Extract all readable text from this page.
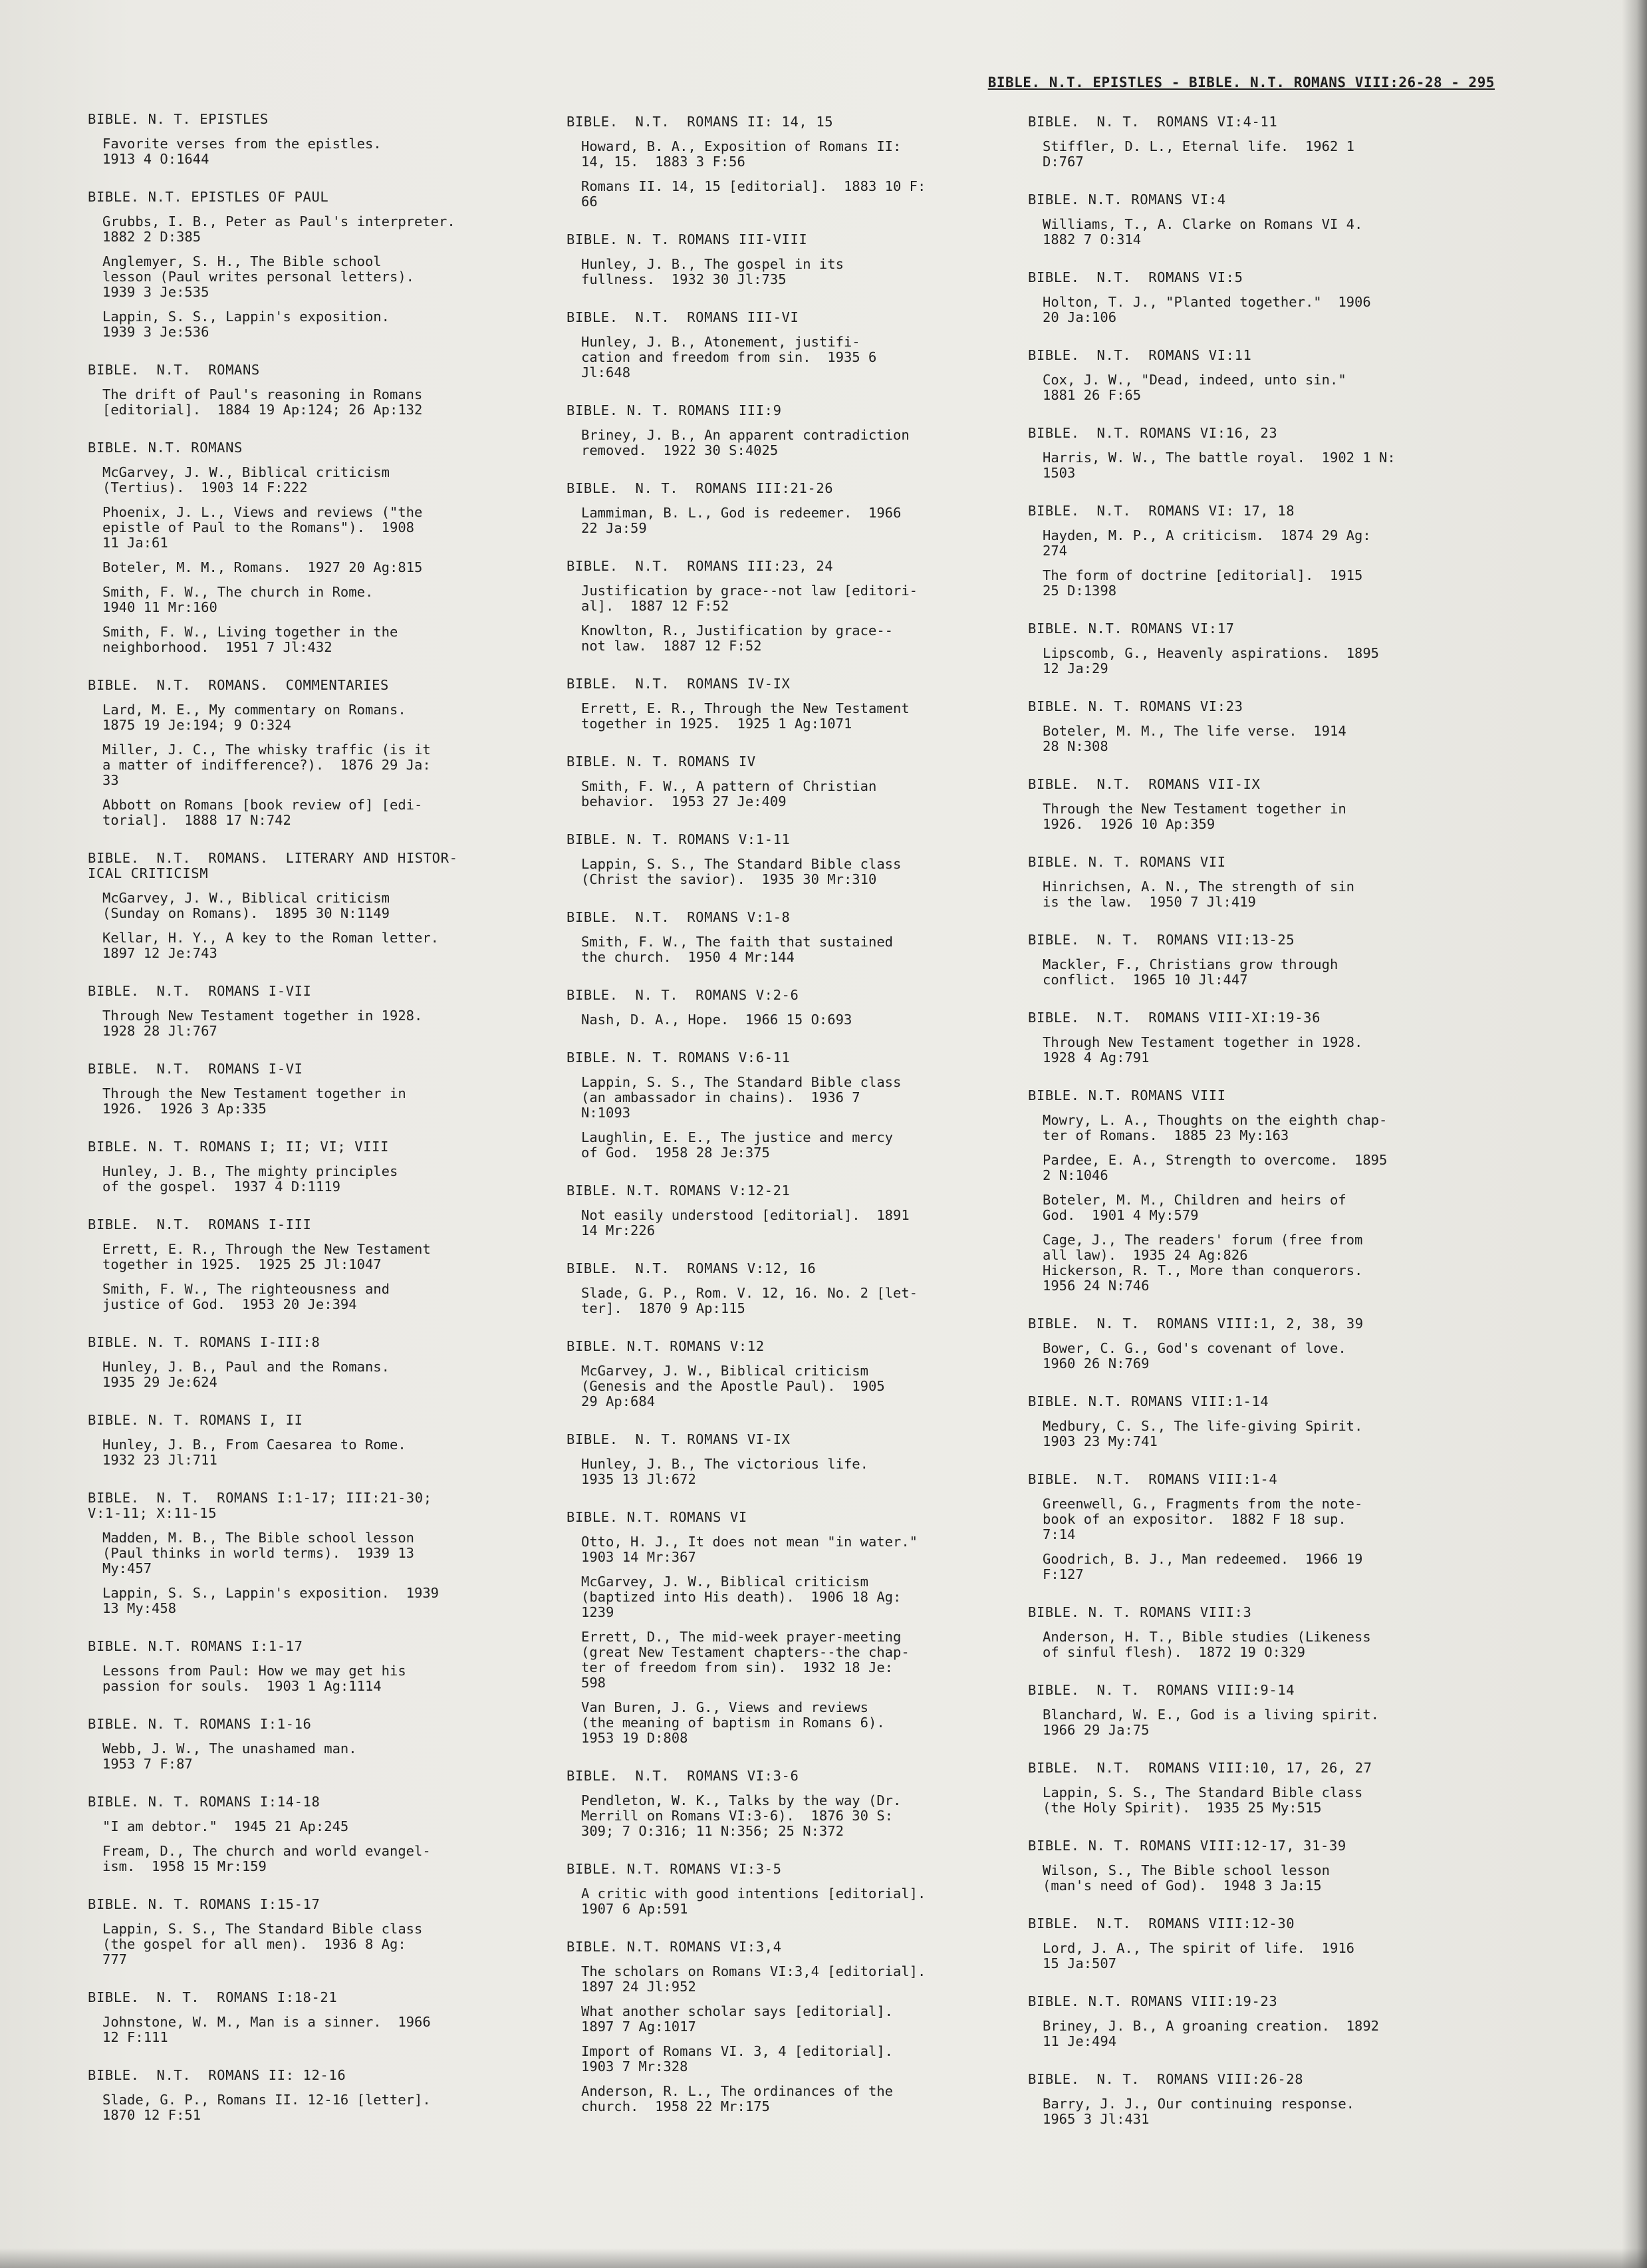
BIBLE. N.T. EPISTLES - BIBLE. N.T. ROMANS VIII:26-28 - 295
BIBLE. N. T. EPISTLES
Favorite verses from the epistles.
1913 4 O:1644
BIBLE. N.T. EPISTLES OF PAUL
Grubbs, I. B., Peter as Paul's interpreter.
1882 2 D:385
Anglemyer, S. H., The Bible school
lesson (Paul writes personal letters).
1939 3 Je:535
Lappin, S. S., Lappin's exposition.
1939 3 Je:536
BIBLE.  N.T.  ROMANS
The drift of Paul's reasoning in Romans
[editorial].  1884 19 Ap:124; 26 Ap:132
BIBLE. N.T. ROMANS
McGarvey, J. W., Biblical criticism
(Tertius).  1903 14 F:222
Phoenix, J. L., Views and reviews ("the
epistle of Paul to the Romans").  1908
11 Ja:61
Boteler, M. M., Romans.  1927 20 Ag:815
Smith, F. W., The church in Rome.
1940 11 Mr:160
Smith, F. W., Living together in the
neighborhood.  1951 7 Jl:432
BIBLE.  N.T.  ROMANS.  COMMENTARIES
Lard, M. E., My commentary on Romans.
1875 19 Je:194; 9 O:324
Miller, J. C., The whisky traffic (is it
a matter of indifference?).  1876 29 Ja:
33
Abbott on Romans [book review of] [edi-
torial].  1888 17 N:742
BIBLE.  N.T.  ROMANS.  LITERARY AND HISTOR-
ICAL CRITICISM
McGarvey, J. W., Biblical criticism
(Sunday on Romans).  1895 30 N:1149
Kellar, H. Y., A key to the Roman letter.
1897 12 Je:743
BIBLE.  N.T.  ROMANS I-VII
Through New Testament together in 1928.
1928 28 Jl:767
BIBLE.  N.T.  ROMANS I-VI
Through the New Testament together in
1926.  1926 3 Ap:335
BIBLE. N. T. ROMANS I; II; VI; VIII
Hunley, J. B., The mighty principles
of the gospel.  1937 4 D:1119
BIBLE.  N.T.  ROMANS I-III
Errett, E. R., Through the New Testament
together in 1925.  1925 25 Jl:1047
Smith, F. W., The righteousness and
justice of God.  1953 20 Je:394
BIBLE. N. T. ROMANS I-III:8
Hunley, J. B., Paul and the Romans.
1935 29 Je:624
BIBLE. N. T. ROMANS I, II
Hunley, J. B., From Caesarea to Rome.
1932 23 Jl:711
BIBLE.  N. T.  ROMANS I:1-17; III:21-30;
V:1-11; X:11-15
Madden, M. B., The Bible school lesson
(Paul thinks in world terms).  1939 13
My:457
Lappin, S. S., Lappin's exposition.  1939
13 My:458
BIBLE. N.T. ROMANS I:1-17
Lessons from Paul: How we may get his
passion for souls.  1903 1 Ag:1114
BIBLE. N. T. ROMANS I:1-16
Webb, J. W., The unashamed man.
1953 7 F:87
BIBLE. N. T. ROMANS I:14-18
"I am debtor."  1945 21 Ap:245
Fream, D., The church and world evangel-
ism.  1958 15 Mr:159
BIBLE. N. T. ROMANS I:15-17
Lappin, S. S., The Standard Bible class
(the gospel for all men).  1936 8 Ag:
777
BIBLE.  N. T.  ROMANS I:18-21
Johnstone, W. M., Man is a sinner.  1966
12 F:111
BIBLE.  N.T.  ROMANS II: 12-16
Slade, G. P., Romans II. 12-16 [letter].
1870 12 F:51
BIBLE.  N.T.  ROMANS II: 14, 15
Howard, B. A., Exposition of Romans II:
14, 15.  1883 3 F:56
Romans II. 14, 15 [editorial].  1883 10 F:
66
BIBLE. N. T. ROMANS III-VIII
Hunley, J. B., The gospel in its
fullness.  1932 30 Jl:735
BIBLE.  N.T.  ROMANS III-VI
Hunley, J. B., Atonement, justifi-
cation and freedom from sin.  1935 6
Jl:648
BIBLE. N. T. ROMANS III:9
Briney, J. B., An apparent contradiction
removed.  1922 30 S:4025
BIBLE.  N. T.  ROMANS III:21-26
Lammiman, B. L., God is redeemer.  1966
22 Ja:59
BIBLE.  N.T.  ROMANS III:23, 24
Justification by grace--not law [editori-
al].  1887 12 F:52
Knowlton, R., Justification by grace--
not law.  1887 12 F:52
BIBLE.  N.T.  ROMANS IV-IX
Errett, E. R., Through the New Testament
together in 1925.  1925 1 Ag:1071
BIBLE. N. T. ROMANS IV
Smith, F. W., A pattern of Christian
behavior.  1953 27 Je:409
BIBLE. N. T. ROMANS V:1-11
Lappin, S. S., The Standard Bible class
(Christ the savior).  1935 30 Mr:310
BIBLE.  N.T.  ROMANS V:1-8
Smith, F. W., The faith that sustained
the church.  1950 4 Mr:144
BIBLE.  N. T.  ROMANS V:2-6
Nash, D. A., Hope.  1966 15 O:693
BIBLE. N. T. ROMANS V:6-11
Lappin, S. S., The Standard Bible class
(an ambassador in chains).  1936 7
N:1093
Laughlin, E. E., The justice and mercy
of God.  1958 28 Je:375
BIBLE. N.T. ROMANS V:12-21
Not easily understood [editorial].  1891
14 Mr:226
BIBLE.  N.T.  ROMANS V:12, 16
Slade, G. P., Rom. V. 12, 16. No. 2 [let-
ter].  1870 9 Ap:115
BIBLE. N.T. ROMANS V:12
McGarvey, J. W., Biblical criticism
(Genesis and the Apostle Paul).  1905
29 Ap:684
BIBLE.  N. T. ROMANS VI-IX
Hunley, J. B., The victorious life.
1935 13 Jl:672
BIBLE. N.T. ROMANS VI
Otto, H. J., It does not mean "in water."
1903 14 Mr:367
McGarvey, J. W., Biblical criticism
(baptized into His death).  1906 18 Ag:
1239
Errett, D., The mid-week prayer-meeting
(great New Testament chapters--the chap-
ter of freedom from sin).  1932 18 Je:
598
Van Buren, J. G., Views and reviews
(the meaning of baptism in Romans 6).
1953 19 D:808
BIBLE.  N.T.  ROMANS VI:3-6
Pendleton, W. K., Talks by the way (Dr.
Merrill on Romans VI:3-6).  1876 30 S:
309; 7 O:316; 11 N:356; 25 N:372
BIBLE. N.T. ROMANS VI:3-5
A critic with good intentions [editorial].
1907 6 Ap:591
BIBLE. N.T. ROMANS VI:3,4
The scholars on Romans VI:3,4 [editorial].
1897 24 Jl:952
What another scholar says [editorial].
1897 7 Ag:1017
Import of Romans VI. 3, 4 [editorial].
1903 7 Mr:328
Anderson, R. L., The ordinances of the
church.  1958 22 Mr:175
BIBLE.  N. T.  ROMANS VI:4-11
Stiffler, D. L., Eternal life.  1962 1
D:767
BIBLE. N.T. ROMANS VI:4
Williams, T., A. Clarke on Romans VI 4.
1882 7 O:314
BIBLE.  N.T.  ROMANS VI:5
Holton, T. J., "Planted together."  1906
20 Ja:106
BIBLE.  N.T.  ROMANS VI:11
Cox, J. W., "Dead, indeed, unto sin."
1881 26 F:65
BIBLE.  N.T. ROMANS VI:16, 23
Harris, W. W., The battle royal.  1902 1 N:
1503
BIBLE.  N.T.  ROMANS VI: 17, 18
Hayden, M. P., A criticism.  1874 29 Ag:
274
The form of doctrine [editorial].  1915
25 D:1398
BIBLE. N.T. ROMANS VI:17
Lipscomb, G., Heavenly aspirations.  1895
12 Ja:29
BIBLE. N. T. ROMANS VI:23
Boteler, M. M., The life verse.  1914
28 N:308
BIBLE.  N.T.  ROMANS VII-IX
Through the New Testament together in
1926.  1926 10 Ap:359
BIBLE. N. T. ROMANS VII
Hinrichsen, A. N., The strength of sin
is the law.  1950 7 Jl:419
BIBLE.  N. T.  ROMANS VII:13-25
Mackler, F., Christians grow through
conflict.  1965 10 Jl:447
BIBLE.  N.T.  ROMANS VIII-XI:19-36
Through New Testament together in 1928.
1928 4 Ag:791
BIBLE. N.T. ROMANS VIII
Mowry, L. A., Thoughts on the eighth chap-
ter of Romans.  1885 23 My:163
Pardee, E. A., Strength to overcome.  1895
2 N:1046
Boteler, M. M., Children and heirs of
God.  1901 4 My:579
Cage, J., The readers' forum (free from
all law).  1935 24 Ag:826
Hickerson, R. T., More than conquerors.
1956 24 N:746
BIBLE.  N. T.  ROMANS VIII:1, 2, 38, 39
Bower, C. G., God's covenant of love.
1960 26 N:769
BIBLE. N.T. ROMANS VIII:1-14
Medbury, C. S., The life-giving Spirit.
1903 23 My:741
BIBLE.  N.T.  ROMANS VIII:1-4
Greenwell, G., Fragments from the note-
book of an expositor.  1882 F 18 sup.
7:14
Goodrich, B. J., Man redeemed.  1966 19
F:127
BIBLE. N. T. ROMANS VIII:3
Anderson, H. T., Bible studies (Likeness
of sinful flesh).  1872 19 O:329
BIBLE.  N. T.  ROMANS VIII:9-14
Blanchard, W. E., God is a living spirit.
1966 29 Ja:75
BIBLE.  N.T.  ROMANS VIII:10, 17, 26, 27
Lappin, S. S., The Standard Bible class
(the Holy Spirit).  1935 25 My:515
BIBLE. N. T. ROMANS VIII:12-17, 31-39
Wilson, S., The Bible school lesson
(man's need of God).  1948 3 Ja:15
BIBLE.  N.T.  ROMANS VIII:12-30
Lord, J. A., The spirit of life.  1916
15 Ja:507
BIBLE. N.T. ROMANS VIII:19-23
Briney, J. B., A groaning creation.  1892
11 Je:494
BIBLE.  N. T.  ROMANS VIII:26-28
Barry, J. J., Our continuing response.
1965 3 Jl:431
